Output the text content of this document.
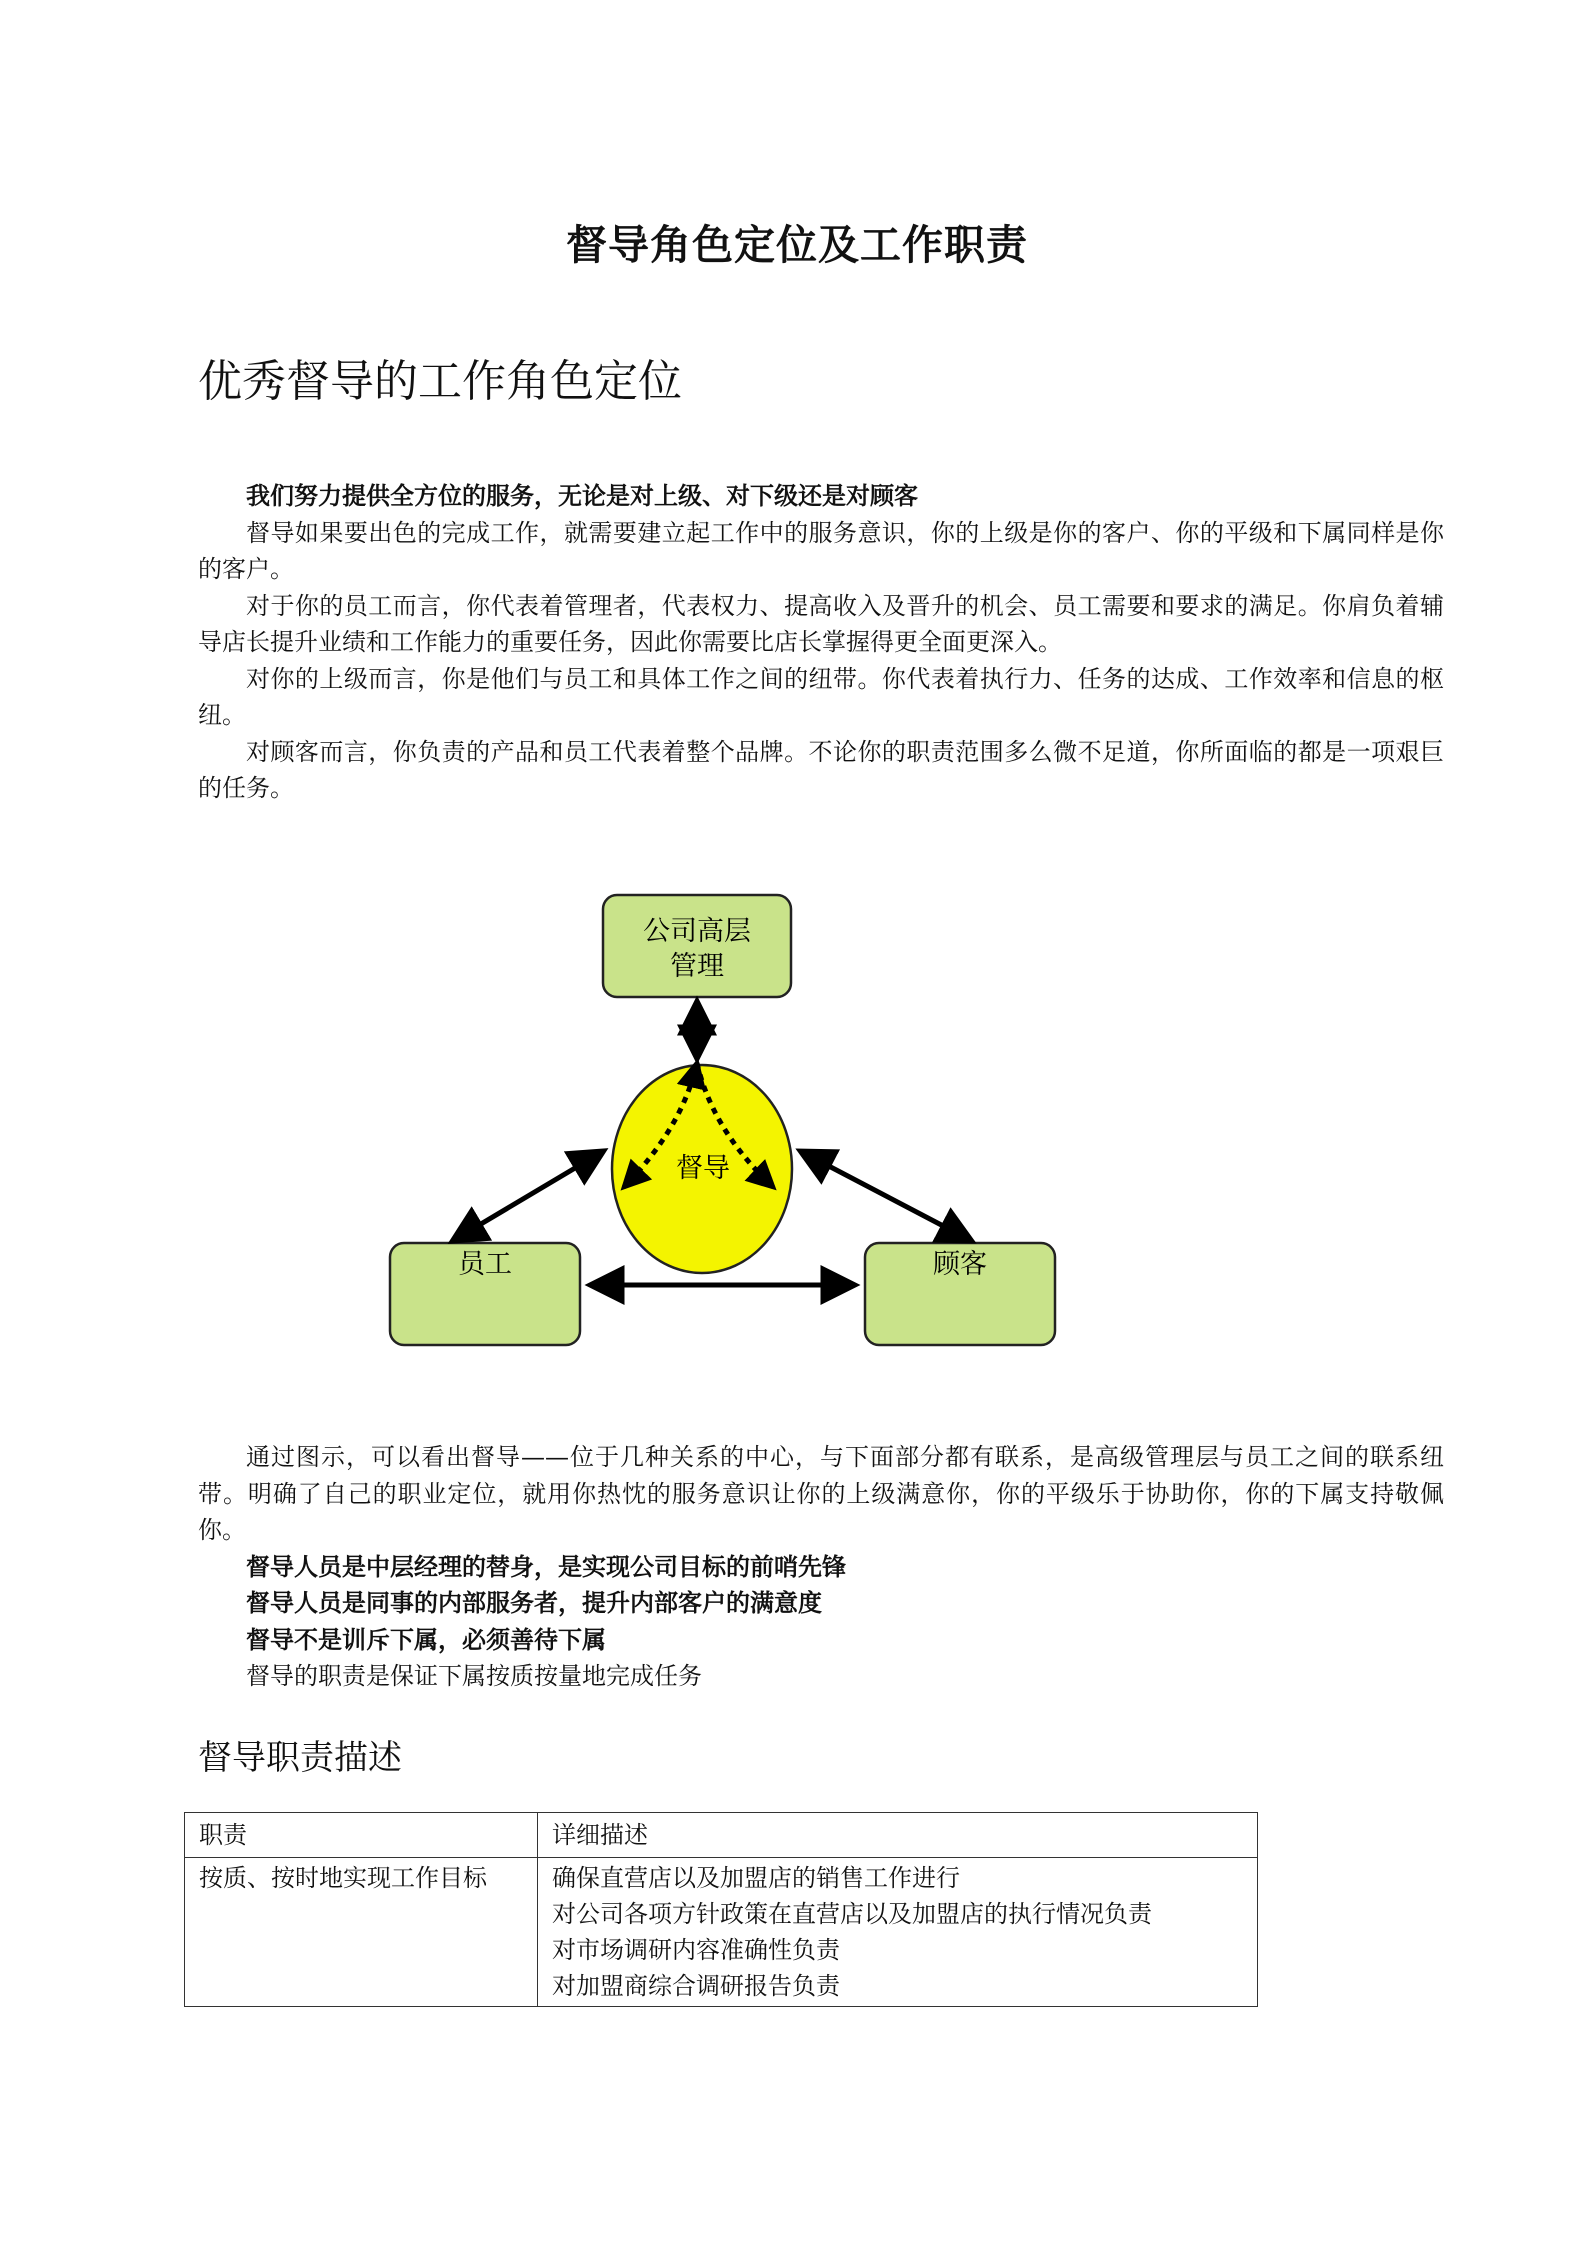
督导角色定位及工作职责
优秀督导的工作角色定位

我们努力提供全方位的服务，无论是对上级、对下级还是对顾客

督导如果要出色的完成工作，就需要建立起工作中的服务意识，你的上级是你的客户、你的平级和下属同样是你的客户。

对于你的员工而言，你代表着管理者，代表权力、提高收入及晋升的机会、员工需要和要求的满足。你肩负着辅导店长提升业绩和工作能力的重要任务，因此你需要比店长掌握得更全面更深入。

对你的上级而言，你是他们与员工和具体工作之间的纽带。你代表着执行力、任务的达成、工作效率和信息的枢纽。

对顾客而言，你负责的产品和员工代表着整个品牌。不论你的职责范围多么微不足道，你所面临的都是一项艰巨的任务。

公司高层
管理
员工	顾客
督导

通过图示，可以看出督导——位于几种关系的中心，与下面部分都有联系，是高级管理层与员工之间的联系纽带。明确了自己的职业定位，就用你热忱的服务意识让你的上级满意你，你的平级乐于协助你，你的下属支持敬佩你。

督导人员是中层经理的替身，是实现公司目标的前哨先锋

督导人员是同事的内部服务者，提升内部客户的满意度

督导不是训斥下属，必须善待下属

督导的职责是保证下属按质按量地完成任务

督导职责描述
职责	详细描述
按质、按时地实现工作目标	确保直营店以及加盟店的销售工作进行
对公司各项方针政策在直营店以及加盟店的执行情况负责
对市场调研内容准确性负责
对加盟商综合调研报告负责
